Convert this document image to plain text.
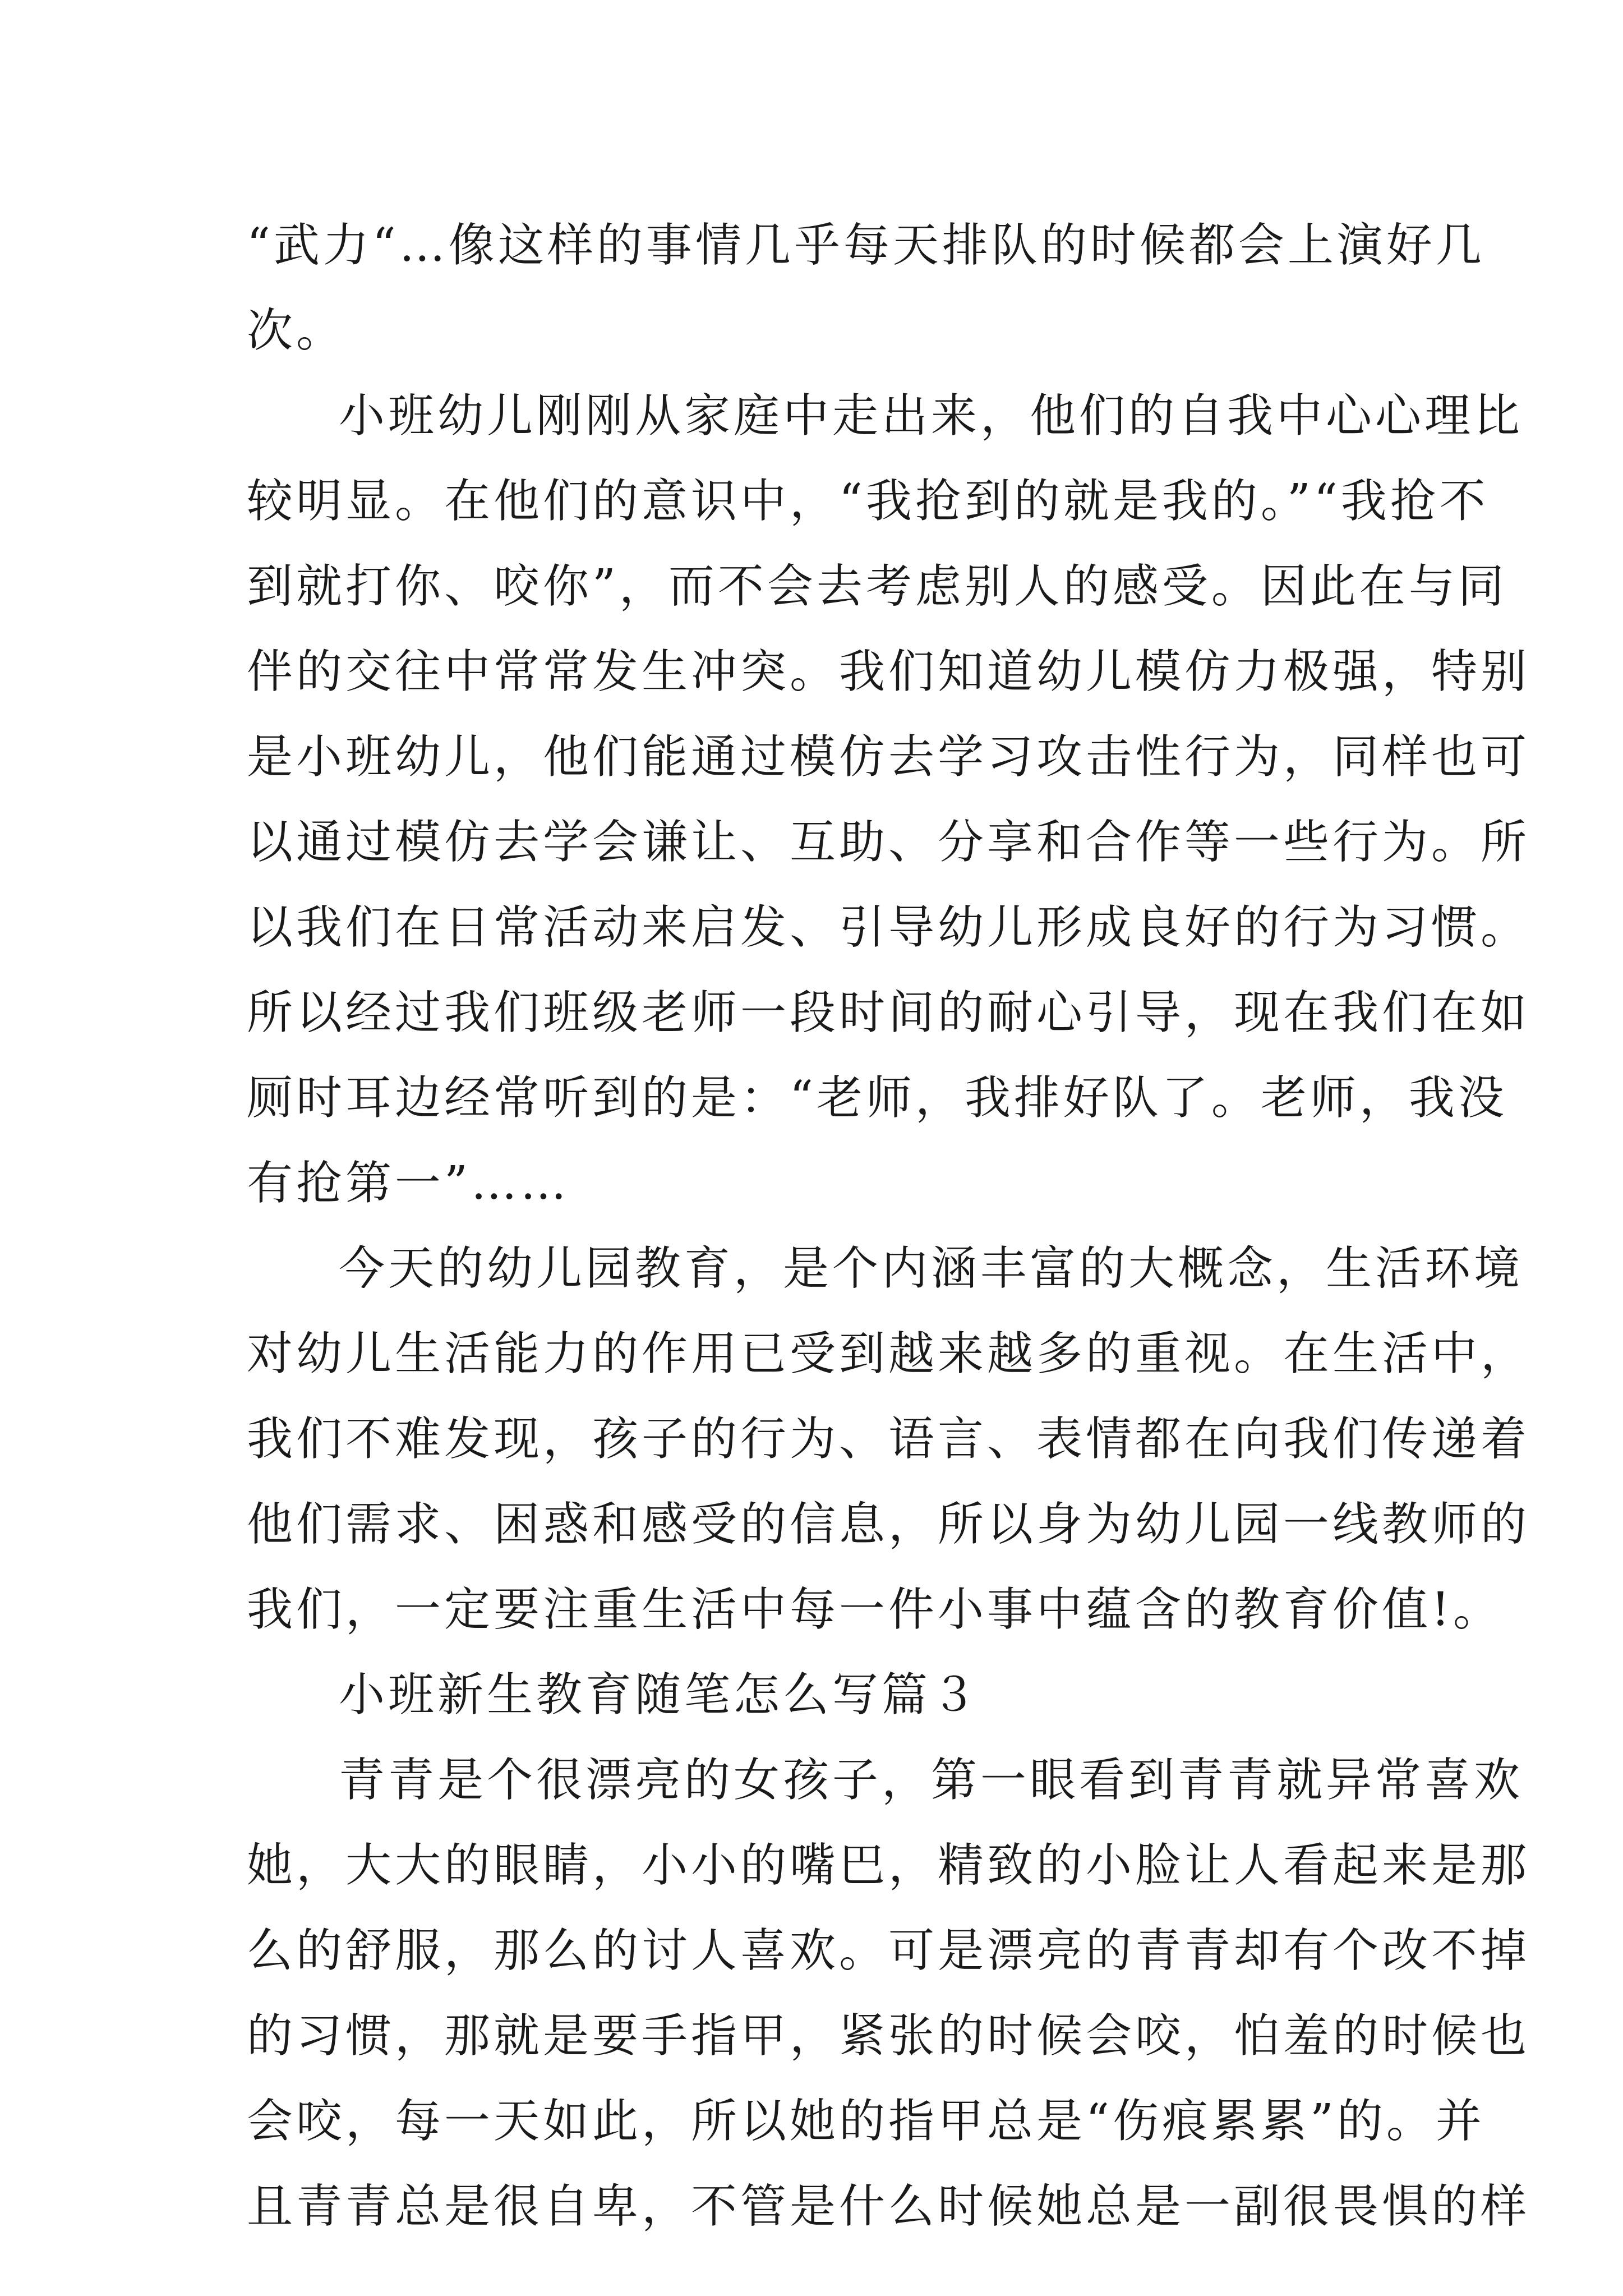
“武力“…像这样的事情几乎每天排队的时候都会上演好几
次。
小班幼儿刚刚从家庭中走出来，他们的自我中心心理比
较明显。在他们的意识中，“我抢到的就是我的。”“我抢不
到就打你、咬你”，而不会去考虑别人的感受。因此在与同
伴的交往中常常发生冲突。我们知道幼儿模仿力极强，特别
是小班幼儿，他们能通过模仿去学习攻击性行为，同样也可
以通过模仿去学会谦让、互助、分享和合作等一些行为。所
以我们在日常活动来启发、引导幼儿形成良好的行为习惯。
所以经过我们班级老师一段时间的耐心引导，现在我们在如
厕时耳边经常听到的是：“老师，我排好队了。老师，我没
有抢第一”……
今天的幼儿园教育，是个内涵丰富的大概念，生活环境
对幼儿生活能力的作用已受到越来越多的重视。在生活中，
我们不难发现，孩子的行为、语言、表情都在向我们传递着
他们需求、困惑和感受的信息，所以身为幼儿园一线教师的
我们，一定要注重生活中每一件小事中蕴含的教育价值!。
小班新生教育随笔怎么写篇３
青青是个很漂亮的女孩子，第一眼看到青青就异常喜欢
她，大大的眼睛，小小的嘴巴，精致的小脸让人看起来是那
么的舒服，那么的讨人喜欢。可是漂亮的青青却有个改不掉
的习惯，那就是要手指甲，紧张的时候会咬，怕羞的时候也
会咬，每一天如此，所以她的指甲总是“伤痕累累”的。并
且青青总是很自卑，不管是什么时候她总是一副很畏惧的样
